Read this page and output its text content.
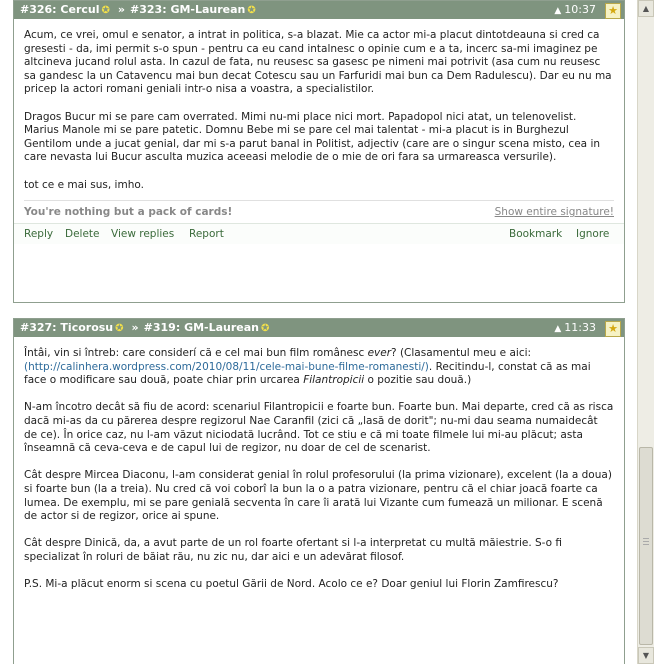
#326: Cercul ✪ » #323: GM-Laurean ✪	▲ 10:37 ★

Acum, ce vrei, omul e senator, a intrat in politica, s-a blazat. Mie ca actor mi-a placut dintotdeauna si cred ca gresesti - da, imi permit s-o spun - pentru ca eu cand intalnesc o opinie cum e a ta, incerc sa-mi imaginez pe altcineva jucand rolul asta. In cazul de fata, nu reusesc sa gasesc pe nimeni mai potrivit (asa cum nu reusesc sa gandesc la un Catavencu mai bun decat Cotescu sau un Farfuridi mai bun ca Dem Radulescu). Dar eu nu ma pricep la actori romani geniali intr-o nisa a voastra, a specialistilor.

Dragos Bucur mi se pare cam overrated. Mimi nu-mi place nici mort. Papadopol nici atat, un telenovelist. Marius Manole mi se pare patetic. Domnu Bebe mi se pare cel mai talentat - mi-a placut is in Burghezul Gentilom unde a jucat genial, dar mi s-a parut banal in Politist, adjectiv (care are o singur scena misto, cea in care nevasta lui Bucur asculta muzica aceeasi melodie de o mie de ori fara sa urmareasca versurile).

tot ce e mai sus, imho.

You're nothing but a pack of cards!	Show entire signature!
Reply Delete View replies Report	Bookmark Ignore
#327: Ticorosu ✪ » #319: GM-Laurean ✪	▲ 11:33 ★

Întâi, vin si întreb: care considerí că e cel mai bun film românesc ever? (Clasamentul meu e aici: (http://calinhera.wordpress.com/2010/08/11/cele-mai-bune-filme-romanesti/). Recitindu-l, constat că as mai face o modificare sau două, poate chiar prin urcarea Filantropicii o pozitie sau două.)

N-am încotro decât să fiu de acord: scenariul Filantropicii e foarte bun. Foarte bun. Mai departe, cred că as risca dacă mi-as da cu părerea despre regizorul Nae Caranfil (zici că „lasă de dorit"; nu-mi dau seama numaidecât de ce). În orice caz, nu l-am văzut niciodată lucrând. Tot ce stiu e că mi toate filmele lui mi-au plăcut; asta înseamnă că ceva-ceva e de capul lui de regizor, nu doar de cel de scenarist.

Cât despre Mircea Diaconu, l-am considerat genial în rolul profesorului (la prima vizionare), excelent (la a doua) si foarte bun (la a treia). Nu cred că voi coborî la bun la o a patra vizionare, pentru că el chiar joacă foarte ca lumea. De exemplu, mi se pare genială secventa în care îi arată lui Vizante cum fumează un milionar. E scenă de actor si de regizor, orice ai spune.

Cât despre Dinică, da, a avut parte de un rol foarte ofertant si l-a interpretat cu multă măiestrie. S-o fi specializat în roluri de băiat rău, nu zic nu, dar aici e un adevărat filosof.

P.S. Mi-a plăcut enorm si scena cu poetul Gării de Nord. Acolo ce e? Doar geniul lui Florin Zamfirescu?

▲
▼
